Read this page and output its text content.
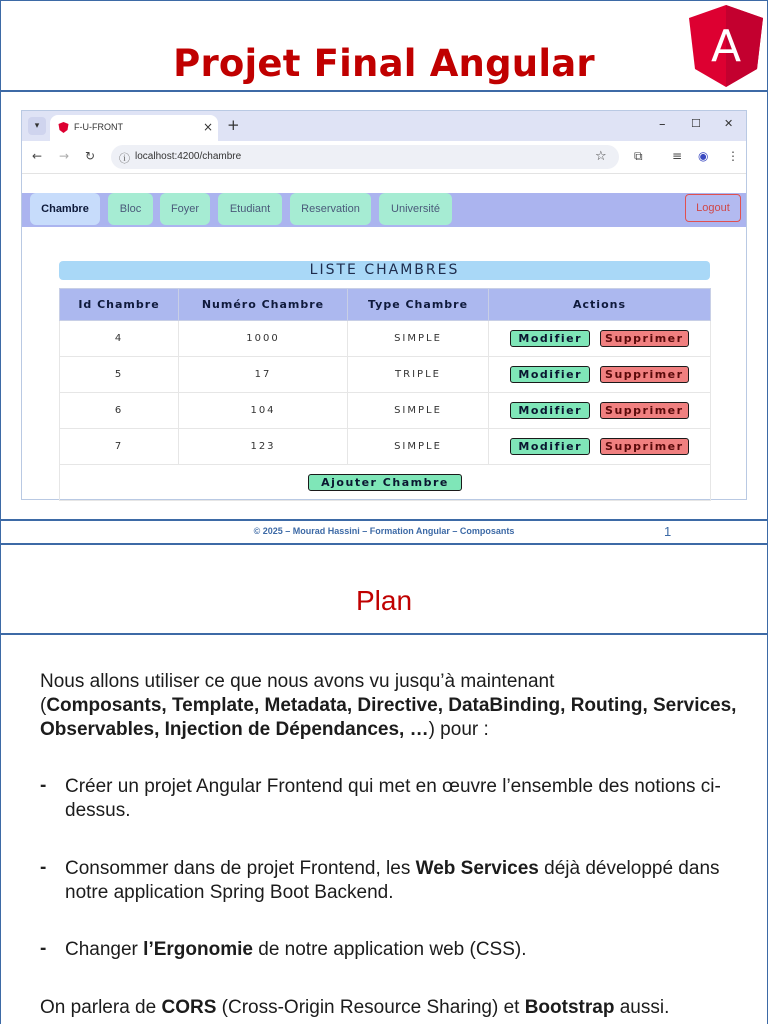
Projet Final Angular	A
▾	F-U-FRONT	× +	– ☐ ✕
← → ↻ ⓘ localhost:4200/chambre	☆ ⧉ ≡ ◉ ⋮
Chambre	Bloc	Foyer	Etudiant	Reservation	Université	Logout
LISTE CHAMBRES
Id Chambre	Numéro Chambre	Type Chambre	Actions
4	1000	SIMPLE	Modifier Supprimer
5	17	TRIPLE	Modifier Supprimer
6	104	SIMPLE	Modifier Supprimer
7	123	SIMPLE	Modifier Supprimer
Ajouter Chambre			
© 2025 – Mourad Hassini – Formation Angular – Composants	1
Plan
Nous allons utiliser ce que nous avons vu jusqu’à maintenant
(Composants, Template, Metadata, Directive, DataBinding, Routing, Services, Observables, Injection de Dépendances, …) pour :
- Créer un projet Angular Frontend qui met en œuvre l’ensemble des notions ci-dessus.
- Consommer dans de projet Frontend, les Web Services déjà développé dans notre application Spring Boot Backend.
- Changer l’Ergonomie de notre application web (CSS).
On parlera de CORS (Cross-Origin Resource Sharing) et Bootstrap aussi.
